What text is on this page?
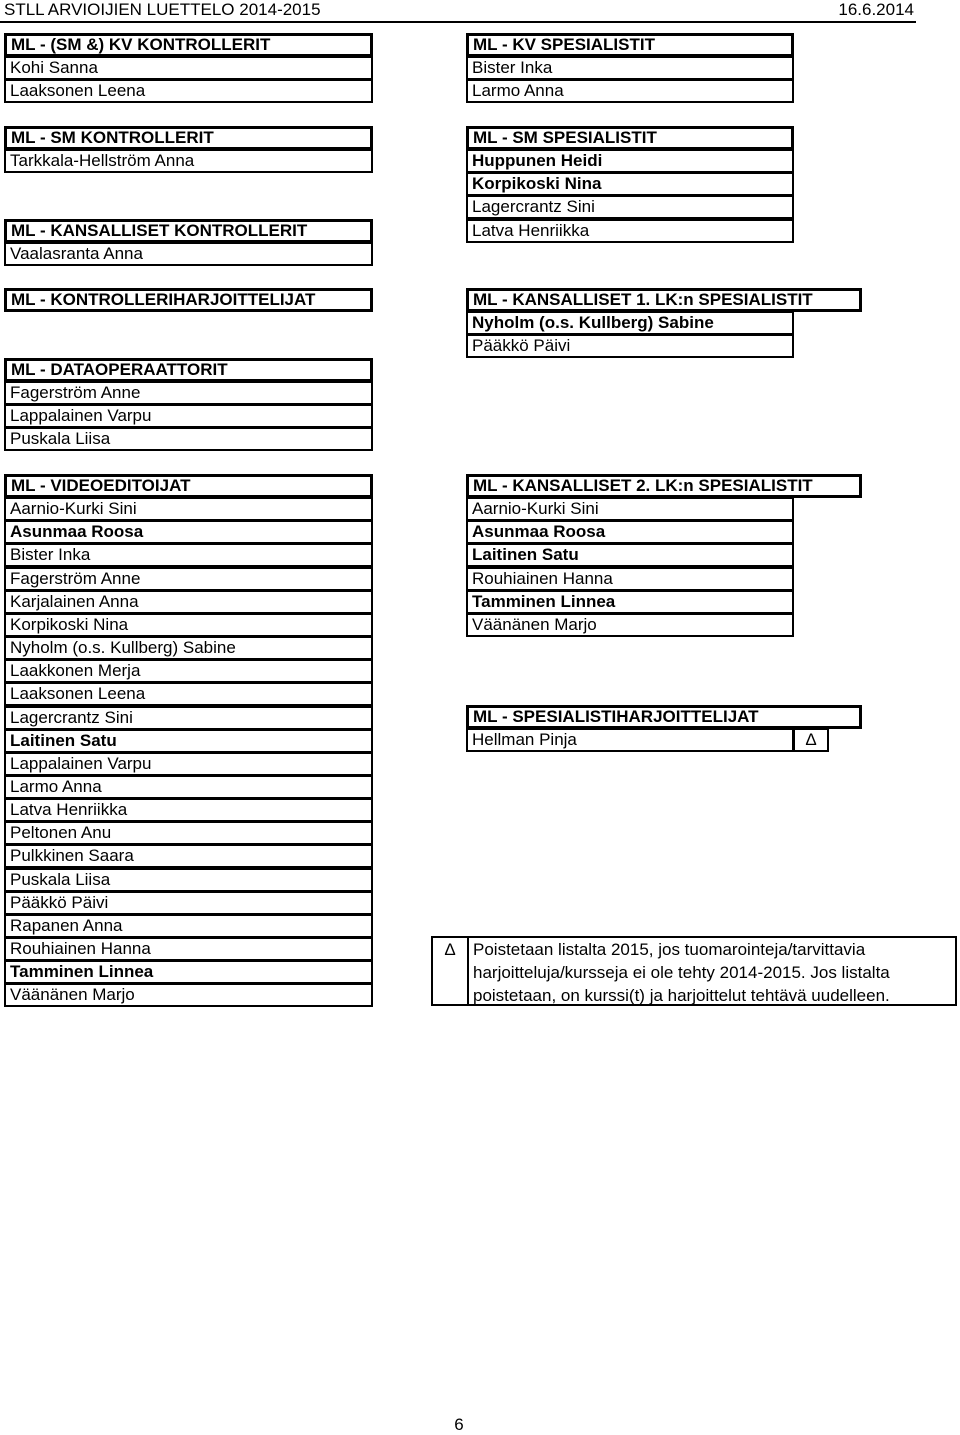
STLL ARVIOIJIEN LUETTELO 2014-2015	16.6.2014
ML - (SM &) KV KONTROLLERIT
Kohi Sanna
Laaksonen Leena
ML - SM KONTROLLERIT
Tarkkala-Hellström Anna
ML - KANSALLISET KONTROLLERIT
Vaalasranta Anna
ML - KONTROLLERIHARJOITTELIJAT
ML - DATAOPERAATTORIT
Fagerström Anne
Lappalainen Varpu
Puskala Liisa
ML - VIDEOEDITOIJAT
Aarnio-Kurki Sini
Asunmaa Roosa
Bister Inka
Fagerström Anne
Karjalainen Anna
Korpikoski Nina
Nyholm (o.s. Kullberg) Sabine
Laakkonen Merja
Laaksonen Leena
Lagercrantz Sini
Laitinen Satu
Lappalainen Varpu
Larmo Anna
Latva Henriikka
Peltonen Anu
Pulkkinen Saara
Puskala Liisa
Pääkkö Päivi
Rapanen Anna
Rouhiainen Hanna
Tamminen Linnea
Väänänen Marjo
ML - KV SPESIALISTIT
Bister Inka
Larmo Anna
ML - SM SPESIALISTIT
Huppunen Heidi
Korpikoski Nina
Lagercrantz Sini
Latva Henriikka
ML - KANSALLISET 1. LK:n SPESIALISTIT
Nyholm (o.s. Kullberg) Sabine
Pääkkö Päivi
ML - KANSALLISET 2. LK:n SPESIALISTIT
Aarnio-Kurki Sini
Asunmaa Roosa
Laitinen Satu
Rouhiainen Hanna
Tamminen Linnea
Väänänen Marjo
ML - SPESIALISTIHARJOITTELIJAT
Hellman Pinja	Δ
Δ	Poistetaan listalta 2015, jos tuomarointeja/tarvittavia
harjoitteluja/kursseja ei ole tehty 2014-2015. Jos listalta
poistetaan, on kurssi(t) ja harjoittelut tehtävä uudelleen.
6
